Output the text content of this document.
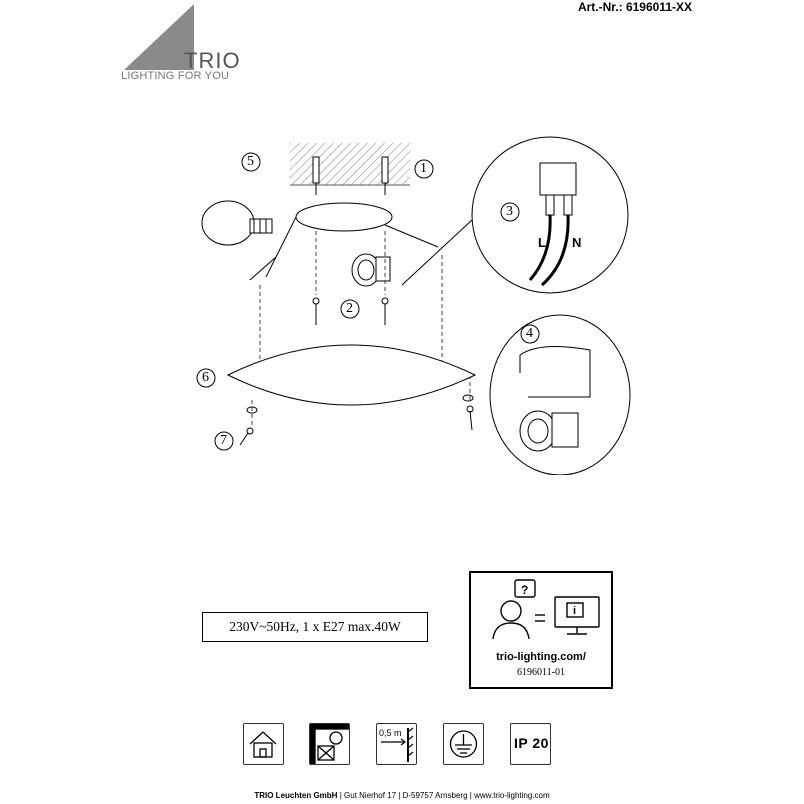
Art.-Nr.: 6196011-XX
TRIO
LIGHTING FOR YOU
L N
5	1
3
2
4
6
7
230V~50Hz, 1 x E27 max.40W
?
i
trio-lighting.com/
6196011-01
0,5 m
IP 20
TRIO Leuchten GmbH | Gut Nierhof 17 | D-59757 Arnsberg | www.trio-lighting.com
